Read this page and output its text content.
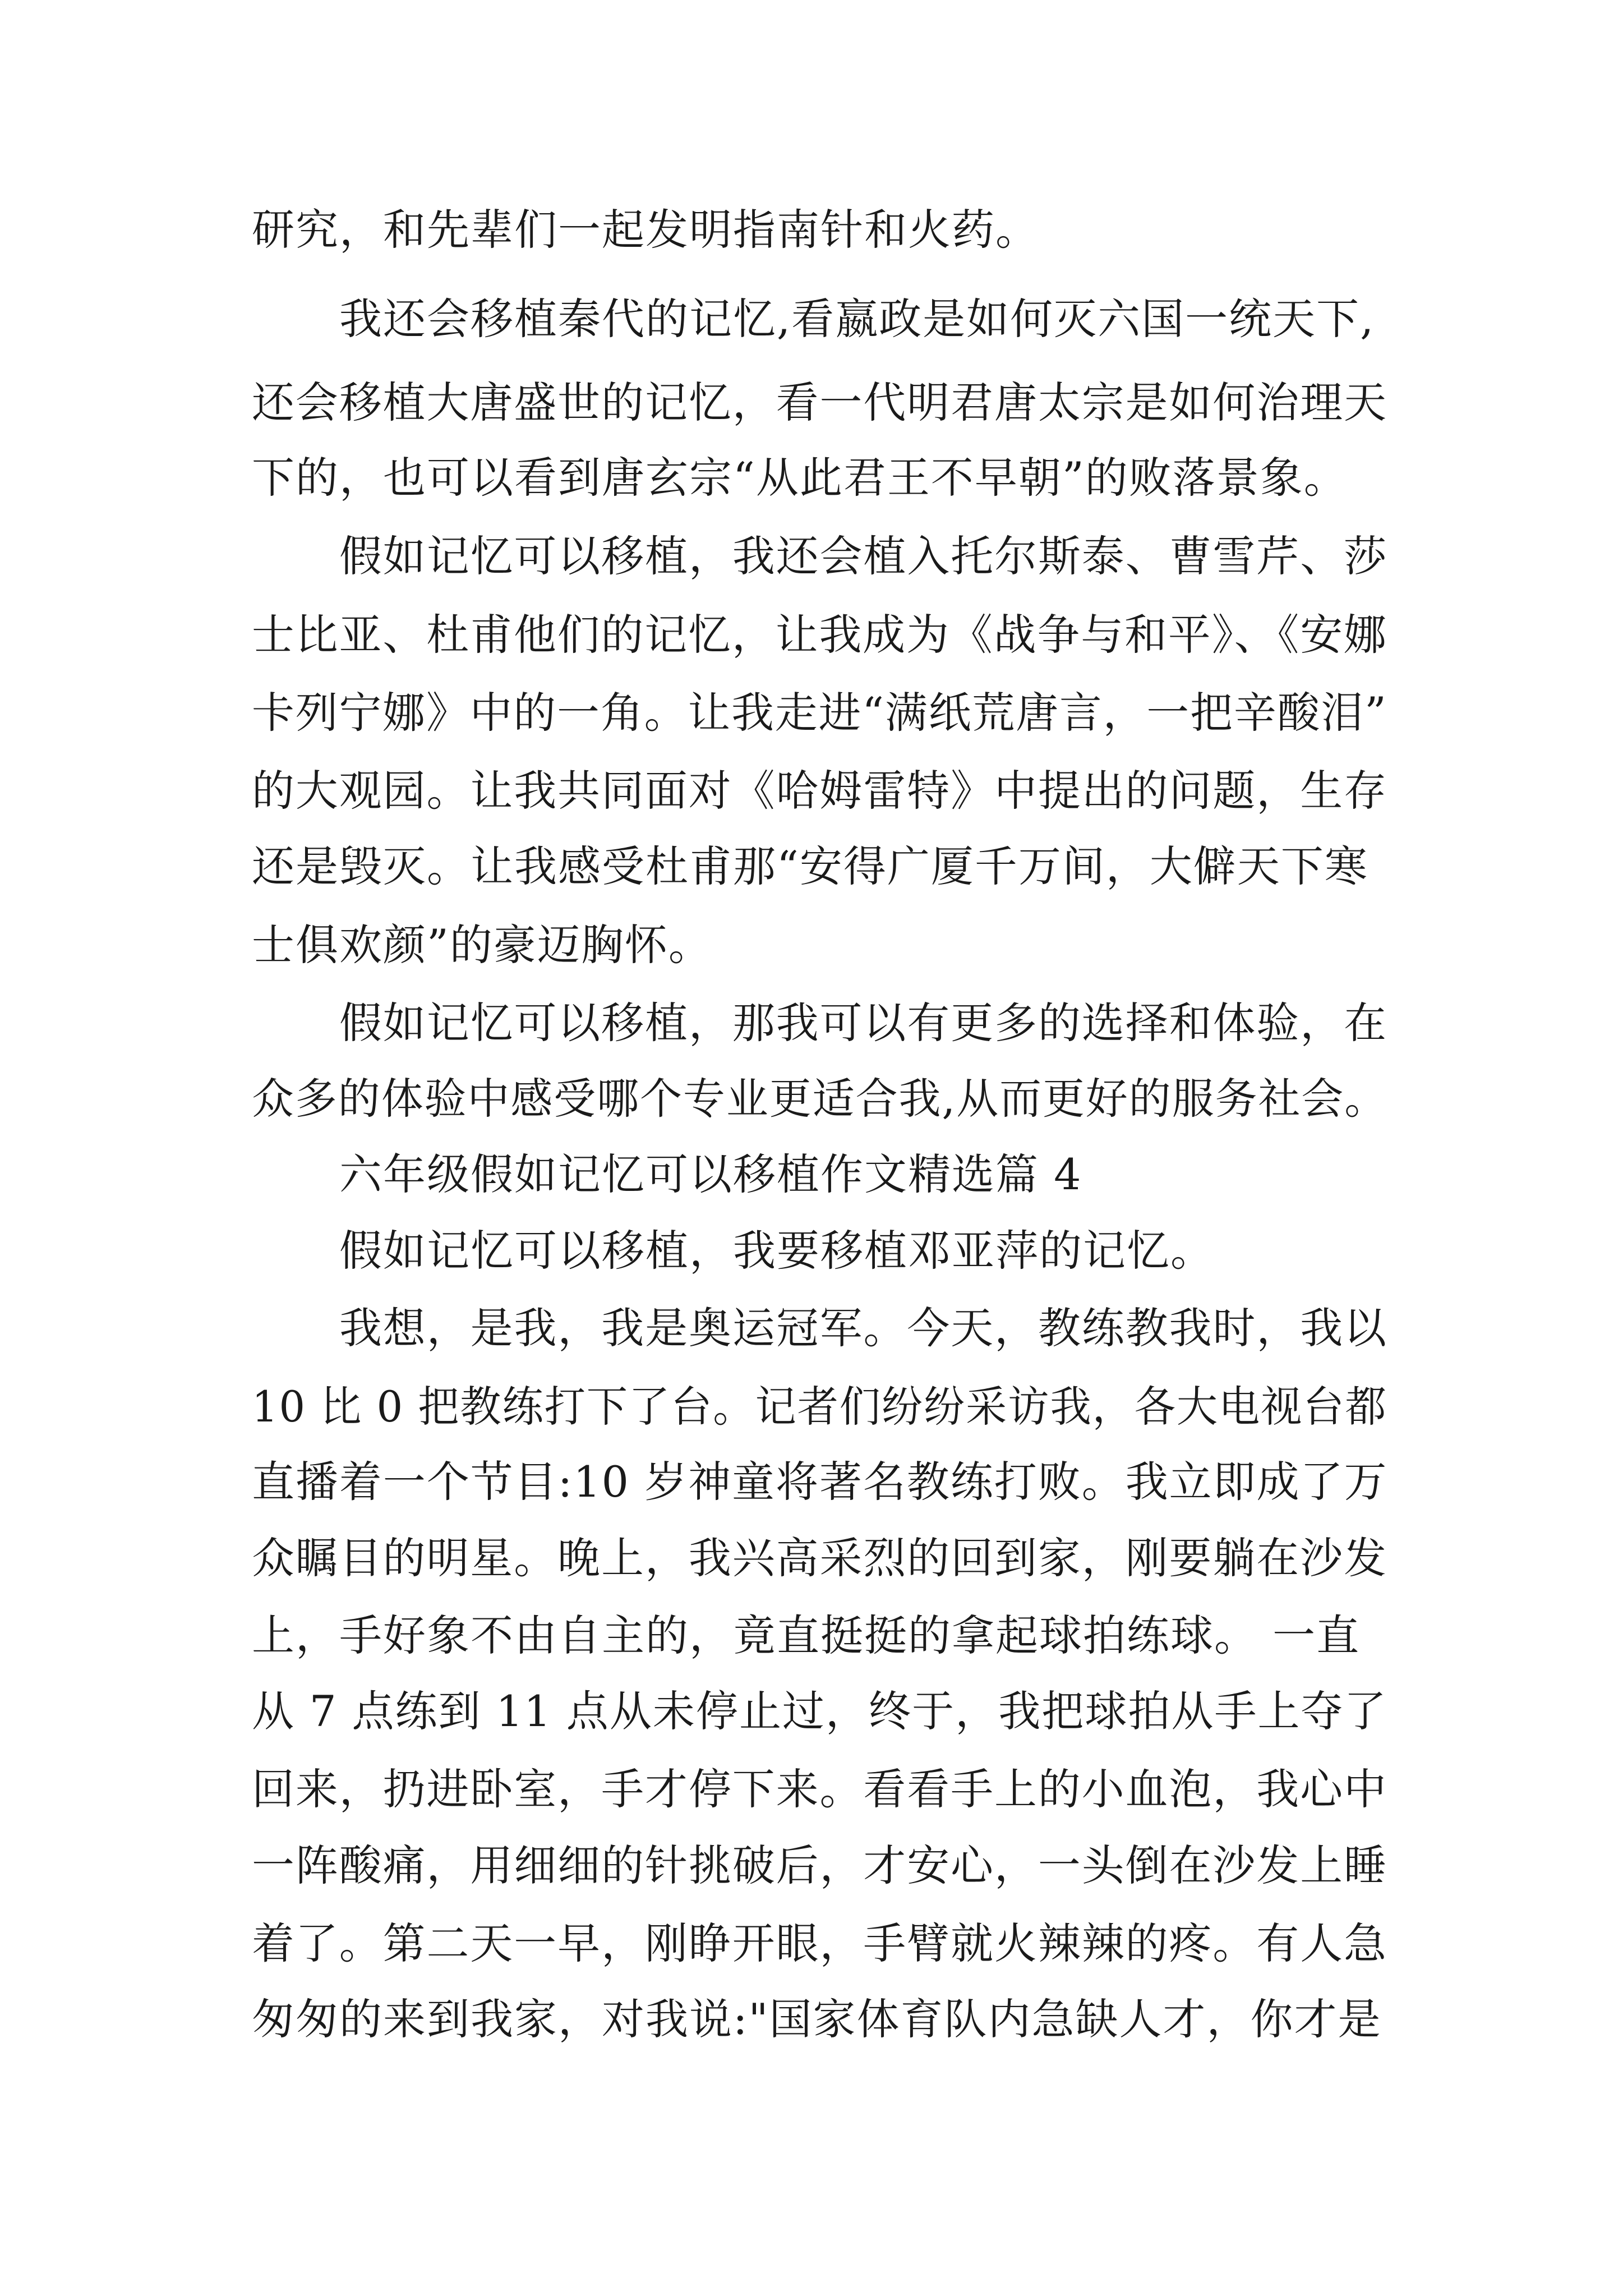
研究，和先辈们一起发明指南针和火药。

我还会移植秦代的记忆,看嬴政是如何灭六国一统天下,

还会移植大唐盛世的记忆，看一代明君唐太宗是如何治理天

下的，也可以看到唐玄宗“从此君王不早朝”的败落景象。

假如记忆可以移植，我还会植入托尔斯泰、曹雪芹、莎

士比亚、杜甫他们的记忆，让我成为《战争与和平》、《安娜

卡列宁娜》中的一角。让我走进“满纸荒唐言，一把辛酸泪”

的大观园。让我共同面对《哈姆雷特》中提出的问题，生存

还是毁灭。让我感受杜甫那“安得广厦千万间，大僻天下寒

士俱欢颜”的豪迈胸怀。

假如记忆可以移植，那我可以有更多的选择和体验，在

众多的体验中感受哪个专业更适合我,从而更好的服务社会。

六年级假如记忆可以移植作文精选篇 4

假如记忆可以移植，我要移植邓亚萍的记忆。

我想，是我，我是奥运冠军。今天，教练教我时，我以

10 比 0 把教练打下了台。记者们纷纷采访我，各大电视台都

直播着一个节目:10 岁神童将著名教练打败。我立即成了万

众瞩目的明星。晚上，我兴高采烈的回到家，刚要躺在沙发

上，手好象不由自主的，竟直挺挺的拿起球拍练球。 一直

从 7 点练到 11 点从未停止过，终于，我把球拍从手上夺了

回来，扔进卧室，手才停下来。看看手上的小血泡，我心中

一阵酸痛，用细细的针挑破后，才安心，一头倒在沙发上睡

着了。第二天一早，刚睁开眼，手臂就火辣辣的疼。有人急

匆匆的来到我家，对我说:"国家体育队内急缺人才，你才是
